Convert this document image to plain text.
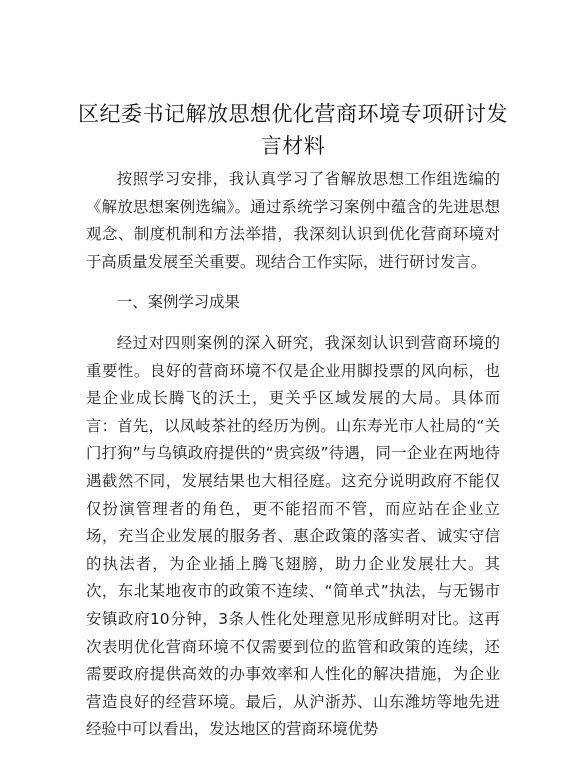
区纪委书记解放思想优化营商环境专项研讨发言材料

按照学习安排，我认真学习了省解放思想工作组选编的《解放思想案例选编》。通过系统学习案例中蕴含的先进思想观念、制度机制和方法举措，我深刻认识到优化营商环境对于高质量发展至关重要。现结合工作实际，进行研讨发言。

一、案例学习成果

经过对四则案例的深入研究，我深刻认识到营商环境的重要性。良好的营商环境不仅是企业用脚投票的风向标，也是企业成长腾飞的沃土，更关乎区域发展的大局。具体而言：首先，以凤岐茶社的经历为例。山东寿光市人社局的“关门打狗”与乌镇政府提供的“贵宾级”待遇，同一企业在两地待遇截然不同，发展结果也大相径庭。这充分说明政府不能仅仅扮演管理者的角色，更不能招而不管，而应站在企业立场，充当企业发展的服务者、惠企政策的落实者、诚实守信的执法者，为企业插上腾飞翅膀，助力企业发展壮大。其次，东北某地夜市的政策不连续、“简单式”执法，与无锡市安镇政府10分钟，3条人性化处理意见形成鲜明对比。这再次表明优化营商环境不仅需要到位的监管和政策的连续，还需要政府提供高效的办事效率和人性化的解决措施，为企业营造良好的经营环境。最后，从沪浙苏、山东潍坊等地先进经验中可以看出，发达地区的营商环境优势
